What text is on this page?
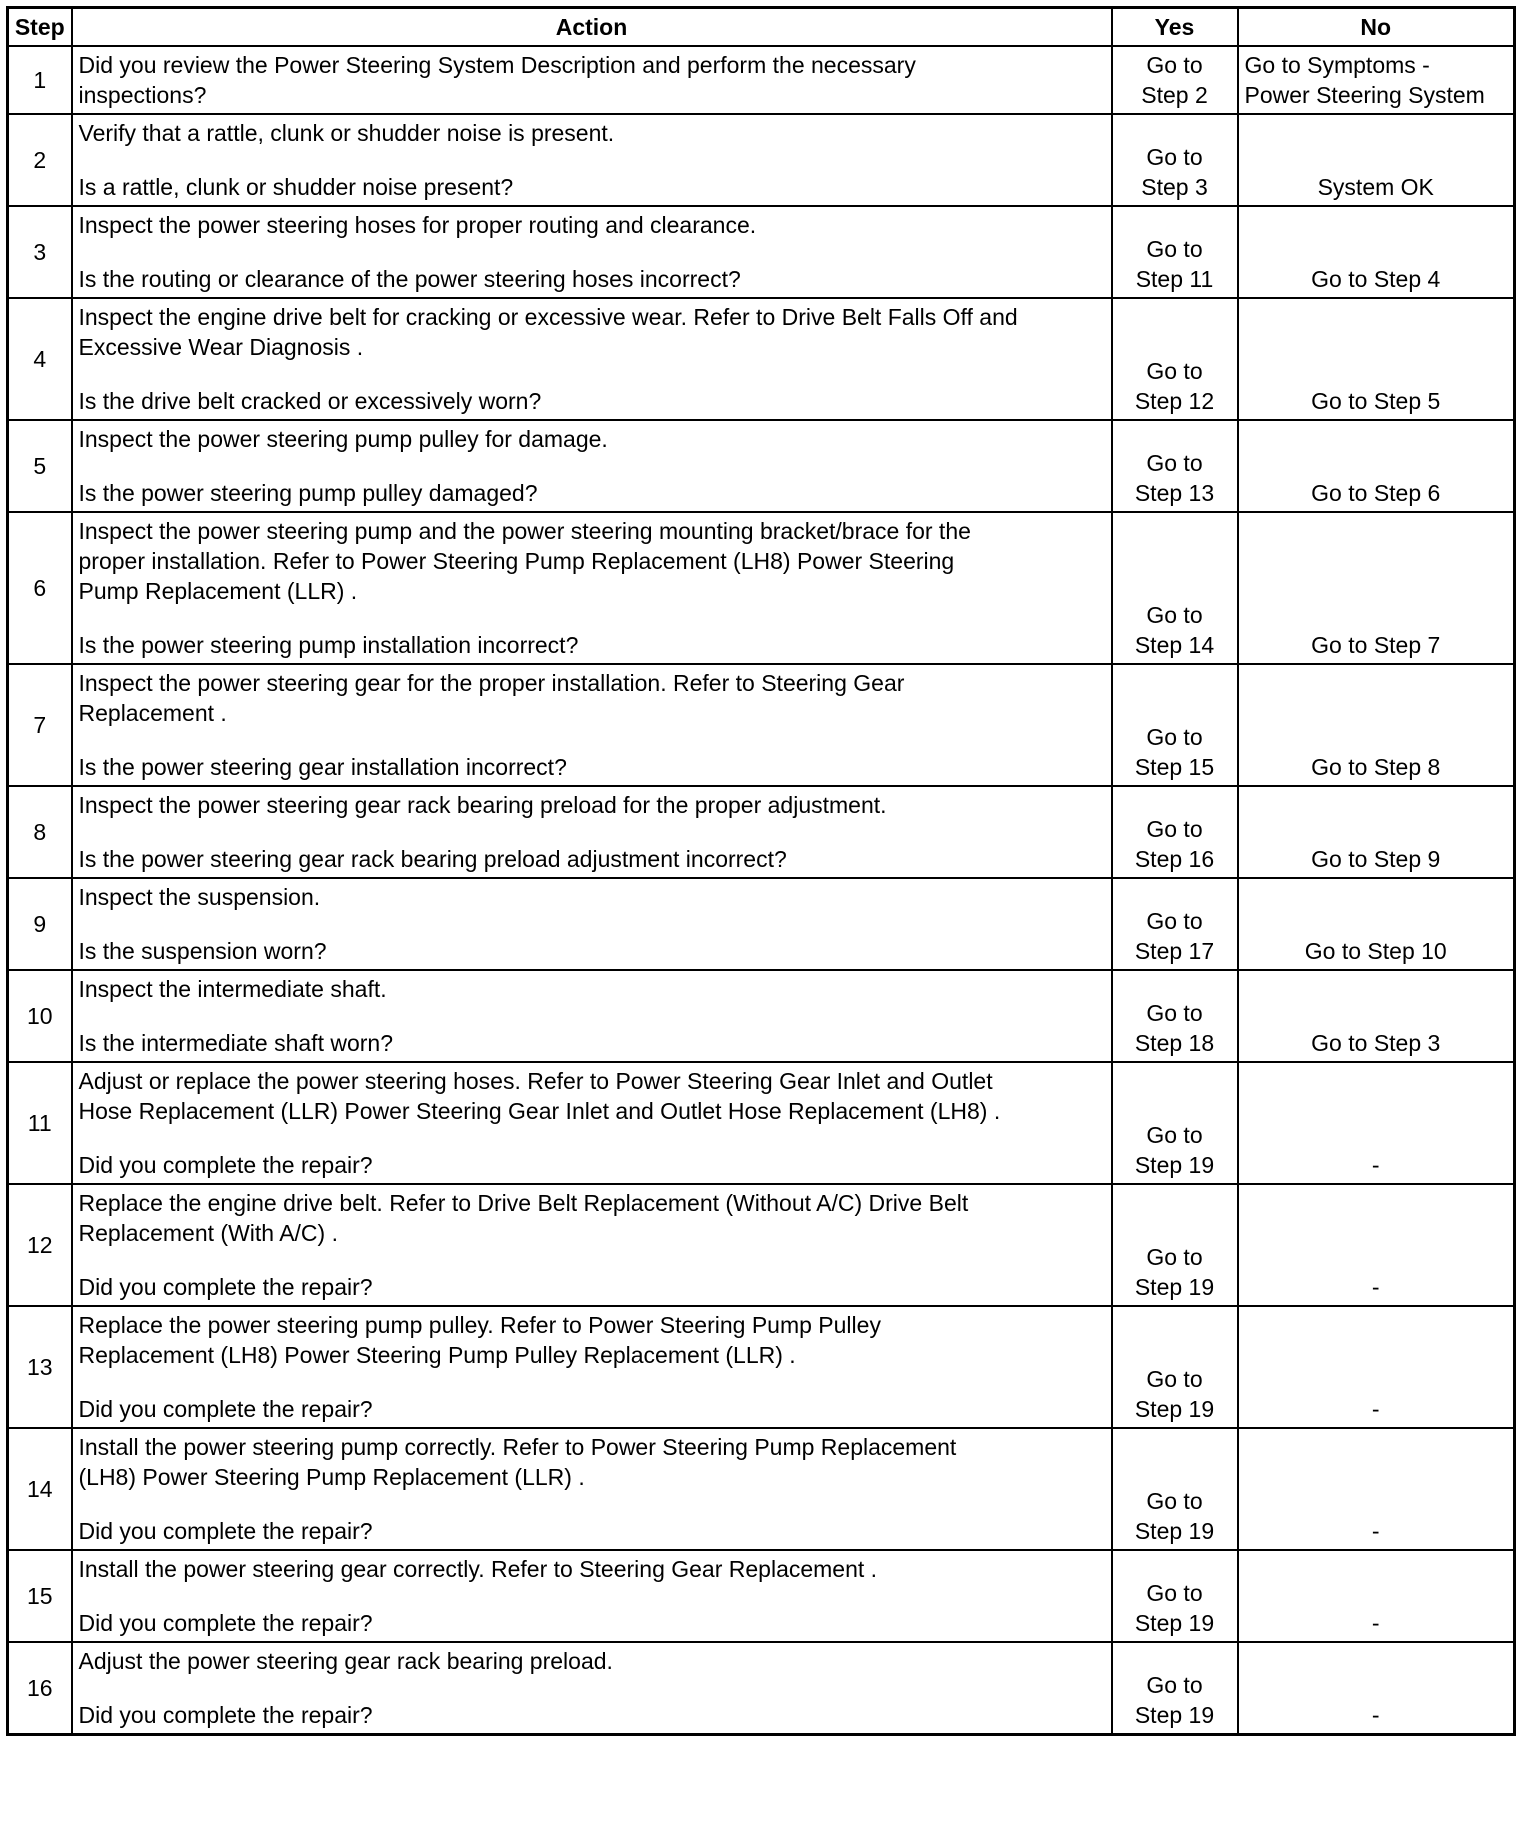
Step	Action	Yes	No
1	Did you review the Power Steering System Description and perform the necessary
inspections?	Go to
Step 2	Go to Symptoms -
Power Steering System
2	Verify that a rattle, clunk or shudder noise is present.
Is a rattle, clunk or shudder noise present?	Go to
Step 3	System OK
3	Inspect the power steering hoses for proper routing and clearance.
Is the routing or clearance of the power steering hoses incorrect?	Go to
Step 11	Go to Step 4
4	Inspect the engine drive belt for cracking or excessive wear. Refer to Drive Belt Falls Off and
Excessive Wear Diagnosis .
Is the drive belt cracked or excessively worn?	Go to
Step 12	Go to Step 5
5	Inspect the power steering pump pulley for damage.
Is the power steering pump pulley damaged?	Go to
Step 13	Go to Step 6
6	Inspect the power steering pump and the power steering mounting bracket/brace for the
proper installation. Refer to Power Steering Pump Replacement (LH8) Power Steering
Pump Replacement (LLR) .
Is the power steering pump installation incorrect?	Go to
Step 14	Go to Step 7
7	Inspect the power steering gear for the proper installation. Refer to Steering Gear
Replacement .
Is the power steering gear installation incorrect?	Go to
Step 15	Go to Step 8
8	Inspect the power steering gear rack bearing preload for the proper adjustment.
Is the power steering gear rack bearing preload adjustment incorrect?	Go to
Step 16	Go to Step 9
9	Inspect the suspension.
Is the suspension worn?	Go to
Step 17	Go to Step 10
10	Inspect the intermediate shaft.
Is the intermediate shaft worn?	Go to
Step 18	Go to Step 3
11	Adjust or replace the power steering hoses. Refer to Power Steering Gear Inlet and Outlet
Hose Replacement (LLR) Power Steering Gear Inlet and Outlet Hose Replacement (LH8) .
Did you complete the repair?	Go to
Step 19	-
12	Replace the engine drive belt. Refer to Drive Belt Replacement (Without A/C) Drive Belt
Replacement (With A/C) .
Did you complete the repair?	Go to
Step 19	-
13	Replace the power steering pump pulley. Refer to Power Steering Pump Pulley
Replacement (LH8) Power Steering Pump Pulley Replacement (LLR) .
Did you complete the repair?	Go to
Step 19	-
14	Install the power steering pump correctly. Refer to Power Steering Pump Replacement
(LH8) Power Steering Pump Replacement (LLR) .
Did you complete the repair?	Go to
Step 19	-
15	Install the power steering gear correctly. Refer to Steering Gear Replacement .
Did you complete the repair?	Go to
Step 19	-
16	Adjust the power steering gear rack bearing preload.
Did you complete the repair?	Go to
Step 19	-
